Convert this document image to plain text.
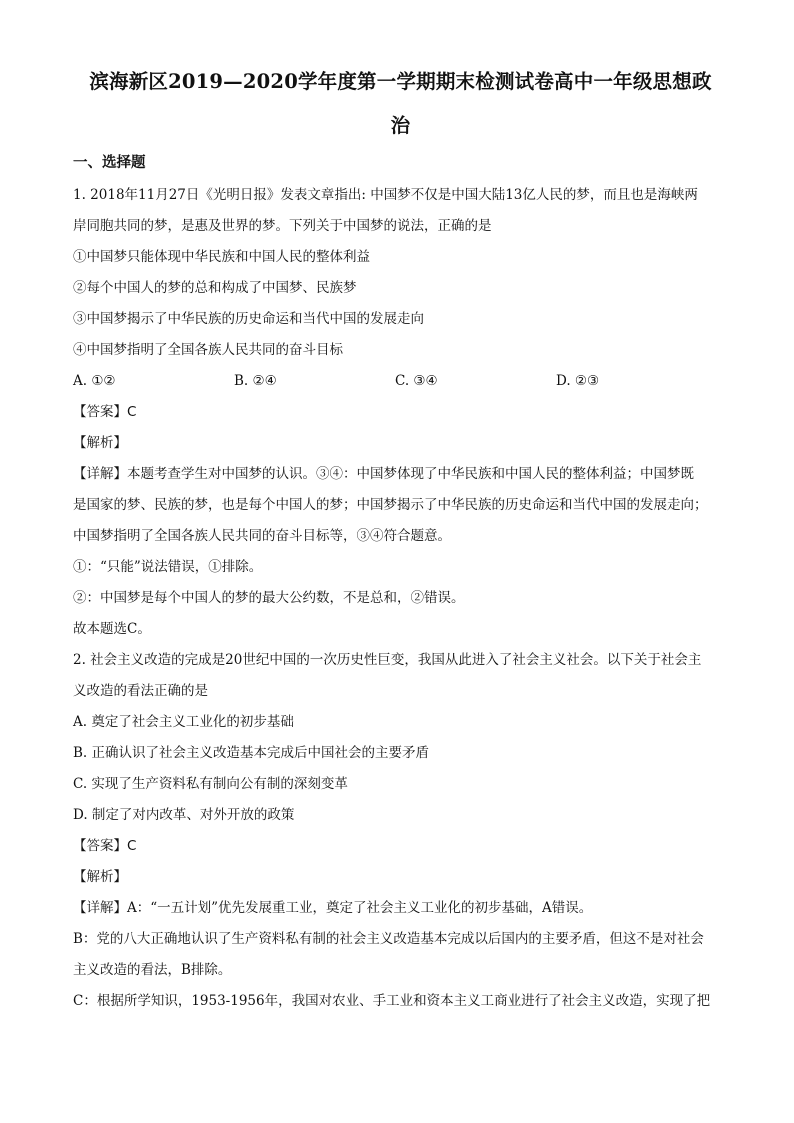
滨海新区2019—2020学年度第一学期期末检测试卷高中一年级思想政
治
一、选择题
1. 2018年11月27日《光明日报》发表文章指出: 中国梦不仅是中国大陆13亿人民的梦，而且也是海峡两
岸同胞共同的梦，是惠及世界的梦。下列关于中国梦的说法，正确的是
①中国梦只能体现中华民族和中国人民的整体利益
②每个中国人的梦的总和构成了中国梦、民族梦
③中国梦揭示了中华民族的历史命运和当代中国的发展走向
④中国梦指明了全国各族人民共同的奋斗目标
A. ①②	B. ②④	C. ③④	D. ②③
【答案】C
【解析】
【详解】本题考查学生对中国梦的认识。③④：中国梦体现了中华民族和中国人民的整体利益；中国梦既
是国家的梦、民族的梦，也是每个中国人的梦；中国梦揭示了中华民族的历史命运和当代中国的发展走向；
中国梦指明了全国各族人民共同的奋斗目标等，③④符合题意。
①：“只能”说法错误，①排除。
②：中国梦是每个中国人的梦的最大公约数，不是总和，②错误。
故本题选C。
2. 社会主义改造的完成是20世纪中国的一次历史性巨变，我国从此进入了社会主义社会。以下关于社会主
义改造的看法正确的是
A. 奠定了社会主义工业化的初步基础
B. 正确认识了社会主义改造基本完成后中国社会的主要矛盾
C. 实现了生产资料私有制向公有制的深刻变革
D. 制定了对内改革、对外开放的政策
【答案】C
【解析】
【详解】A：“一五计划”优先发展重工业，奠定了社会主义工业化的初步基础，A错误。
B：党的八大正确地认识了生产资料私有制的社会主义改造基本完成以后国内的主要矛盾，但这不是对社会
主义改造的看法，B排除。
C：根据所学知识，1953-1956年，我国对农业、手工业和资本主义工商业进行了社会主义改造，实现了把
